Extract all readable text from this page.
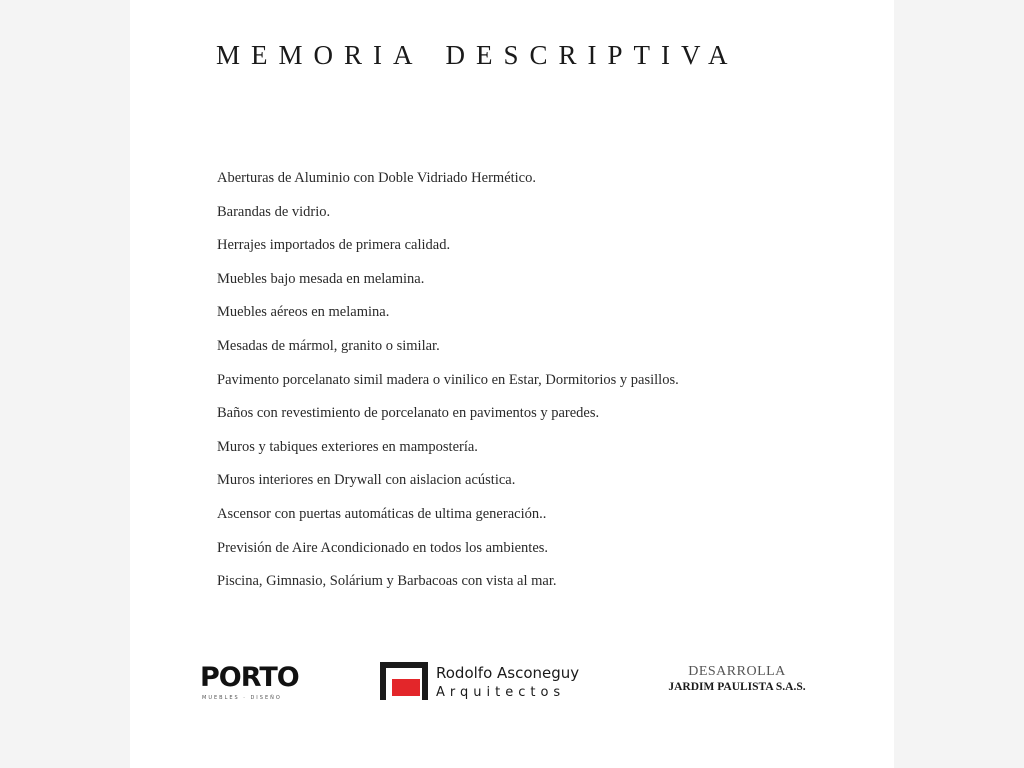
MEMORIA DESCRIPTIVA
Aberturas de Aluminio con Doble Vidriado Hermético.
Barandas de vidrio.
Herrajes importados de primera calidad.
Muebles bajo mesada en melamina.
Muebles aéreos en melamina.
Mesadas de mármol, granito o similar.
Pavimento porcelanato simil madera o vinilico en Estar, Dormitorios y pasillos.
Baños con revestimiento de porcelanato en pavimentos y paredes.
Muros y tabiques exteriores en mampostería.
Muros interiores en Drywall con aislacion acústica.
Ascensor con puertas automáticas de ultima generación..
Previsión de Aire Acondicionado en todos los ambientes.
Piscina, Gimnasio, Solárium y Barbacoas con vista al mar.
PORTO
MUEBLES · DISEÑO
Rodolfo Asconeguy
Arquitectos
DESARROLLA
JARDIM PAULISTA S.A.S.
